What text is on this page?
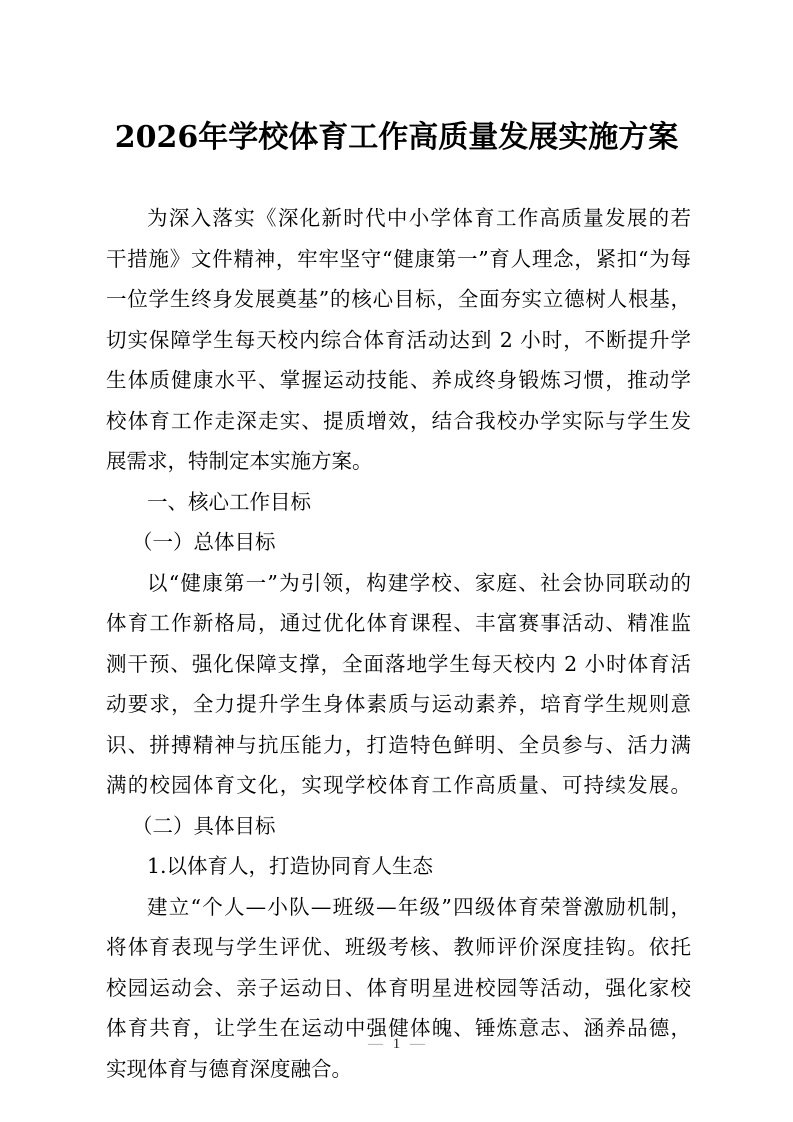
2026年学校体育工作高质量发展实施方案
为深入落实《深化新时代中小学体育工作高质量发展的若
干措施》文件精神，牢牢坚守“健康第一”育人理念，紧扣“为每
一位学生终身发展奠基”的核心目标，全面夯实立德树人根基，
切实保障学生每天校内综合体育活动达到 2 小时，不断提升学
生体质健康水平、掌握运动技能、养成终身锻炼习惯，推动学
校体育工作走深走实、提质增效，结合我校办学实际与学生发
展需求，特制定本实施方案。
一、核心工作目标
（一）总体目标
以“健康第一”为引领，构建学校、家庭、社会协同联动的
体育工作新格局，通过优化体育课程、丰富赛事活动、精准监
测干预、强化保障支撑，全面落地学生每天校内 2 小时体育活
动要求，全力提升学生身体素质与运动素养，培育学生规则意
识、拼搏精神与抗压能力，打造特色鲜明、全员参与、活力满
满的校园体育文化，实现学校体育工作高质量、可持续发展。
（二）具体目标
1.以体育人，打造协同育人生态
建立“个人—小队—班级—年级”四级体育荣誉激励机制，
将体育表现与学生评优、班级考核、教师评价深度挂钩。依托
校园运动会、亲子运动日、体育明星进校园等活动，强化家校
体育共育，让学生在运动中强健体魄、锤炼意志、涵养品德，
实现体育与德育深度融合。
— 1 —
